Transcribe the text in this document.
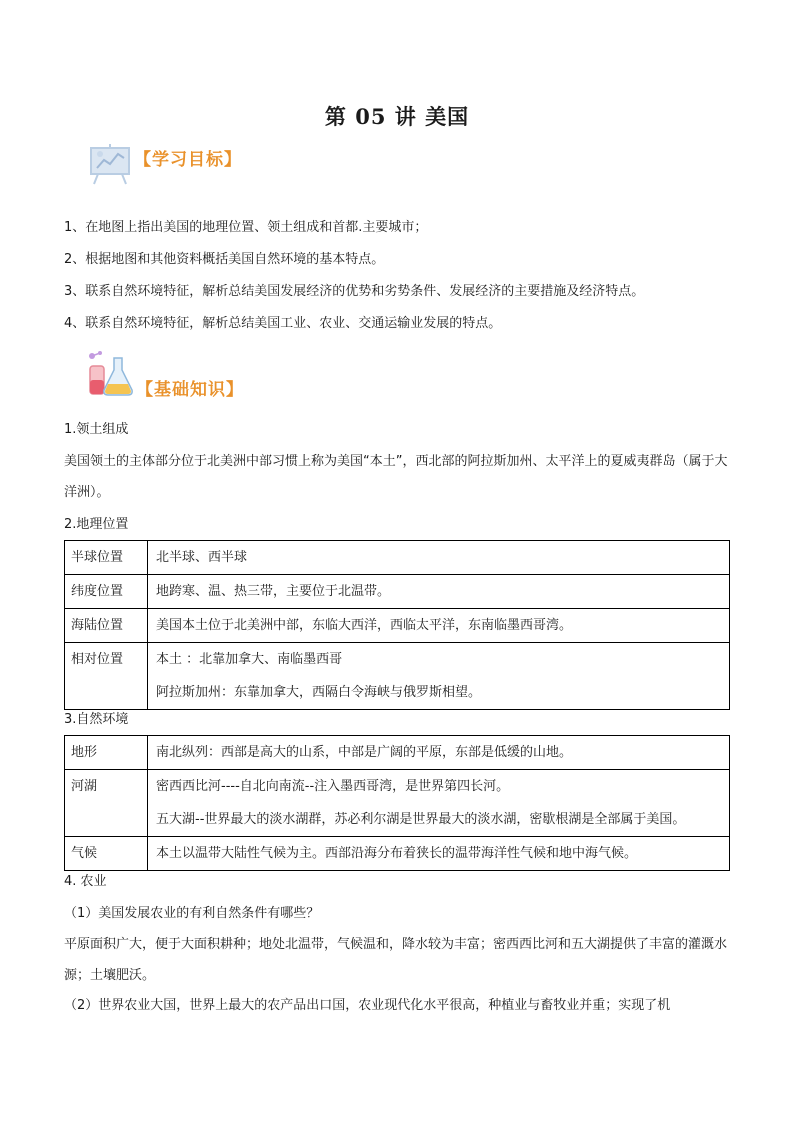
第 05 讲 美国
【学习目标】
1、在地图上指出美国的地理位置、领土组成和首都.主要城市；
2、根据地图和其他资料概括美国自然环境的基本特点。
3、联系自然环境特征，解析总结美国发展经济的优势和劣势条件、发展经济的主要措施及经济特点。
4、联系自然环境特征，解析总结美国工业、农业、交通运输业发展的特点。
【基础知识】
1.领土组成
美国领土的主体部分位于北美洲中部习惯上称为美国“本土”，西北部的阿拉斯加州、太平洋上的夏威夷群岛（属于大洋洲）。
2.地理位置
半球位置	北半球、西半球

纬度位置	地跨寒、温、热三带，主要位于北温带。

海陆位置	美国本土位于北美洲中部，东临大西洋，西临太平洋，东南临墨西哥湾。

相对位置	本土 ：北靠加拿大、南临墨西哥
阿拉斯加州：东靠加拿大，西隔白令海峡与俄罗斯相望。
3.自然环境
地形	南北纵列：西部是高大的山系，中部是广阔的平原，东部是低缓的山地。

河湖	密西西比河----自北向南流--注入墨西哥湾，是世界第四长河。
五大湖--世界最大的淡水湖群，苏必利尔湖是世界最大的淡水湖，密歇根湖是全部属于美国。

气候	本土以温带大陆性气候为主。西部沿海分布着狭长的温带海洋性气候和地中海气候。
4. 农业
（1）美国发展农业的有利自然条件有哪些？
平原面积广大，便于大面积耕种；地处北温带，气候温和，降水较为丰富；密西西比河和五大湖提供了丰富的灌溉水源；土壤肥沃。
（2）世界农业大国，世界上最大的农产品出口国，农业现代化水平很高，种植业与畜牧业并重；实现了机
